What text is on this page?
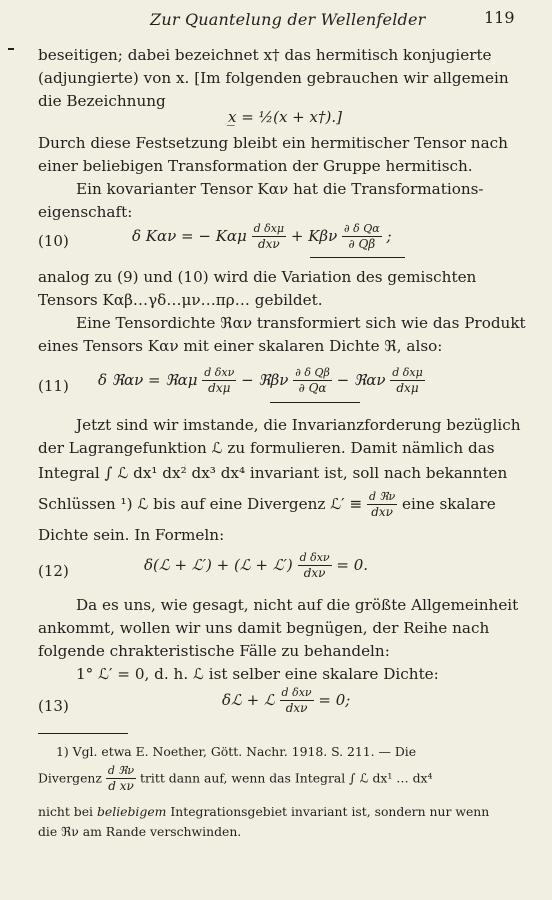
Zur Quantelung der Wellenfelder	119
beseitigen; dabei bezeichnet x† das hermitisch konjugierte
(adjungierte) von x. [Im folgenden gebrauchen wir allgemein
die Bezeichnung
x̲ = ½(x + x†).]
Durch diese Festsetzung bleibt ein hermitischer Tensor nach
einer beliebigen Transformation der Gruppe hermitisch.
Ein kovarianter Tensor Kαν hat die Transformations-
eigenschaft:
(10)	δ Kαν = − Kαμ $\frac{\text{d δxμ}}{\text{dxν}} + K\beta\nu \frac{\text{∂ δ Qα}}{\partial Q\beta}$ ;
analog zu (9) und (10) wird die Variation des gemischten
Tensors Kαβ…γδ…μν…πρ… gebildet.
Eine Tensordichte ℜαν transformiert sich wie das Produkt
eines Tensors Kαν mit einer skalaren Dichte ℜ, also:
(11) δ ℜαν = ℜαμ $\frac{\text{d δxν}}{\text{dxμ}}$ − ℜβν $\frac{\text{∂ δ Qβ}}{\partial Q\alpha}$ − ℜαν $\frac{\text{d δxμ}}{\text{dxμ}}$
Jetzt sind wir imstande, die Invarianzforderung bezüglich
der Lagrangefunktion ℒ zu formulieren. Damit nämlich das
Integral ∫ ℒ dx¹ dx² dx³ dx⁴ invariant ist, soll nach bekannten
Schlüssen ¹) ℒ bis auf eine Divergenz ℒ′ ≡ $\frac{\text{d ℜν}}{\text{dxν}}$ eine skalare
Dichte sein. In Formeln:
(12)	δ(ℒ + ℒ′) + (ℒ + ℒ′) $\frac{\text{d δxν}}{\text{dxν}} = 0$.
Da es uns, wie gesagt, nicht auf die größte Allgemeinheit
ankommt, wollen wir uns damit begnügen, der Reihe nach
folgende chrakteristische Fälle zu behandeln:
1° ℒ′ = 0, d. h. ℒ ist selber eine skalare Dichte:
(13)	δℒ + ℒ $\frac{\text{d δxν}}{\text{dxν}} = 0$;
1) Vgl. etwa E. Noether, Gött. Nachr. 1918. S. 211. — Die
Divergenz $\frac{\text{d ℜν}}{\text{d xν}}$ tritt dann auf, wenn das Integral ∫ ℒ dx¹ … dx⁴
nicht bei beliebigem Integrationsgebiet invariant ist, sondern nur wenn
die ℜν am Rande verschwinden.
